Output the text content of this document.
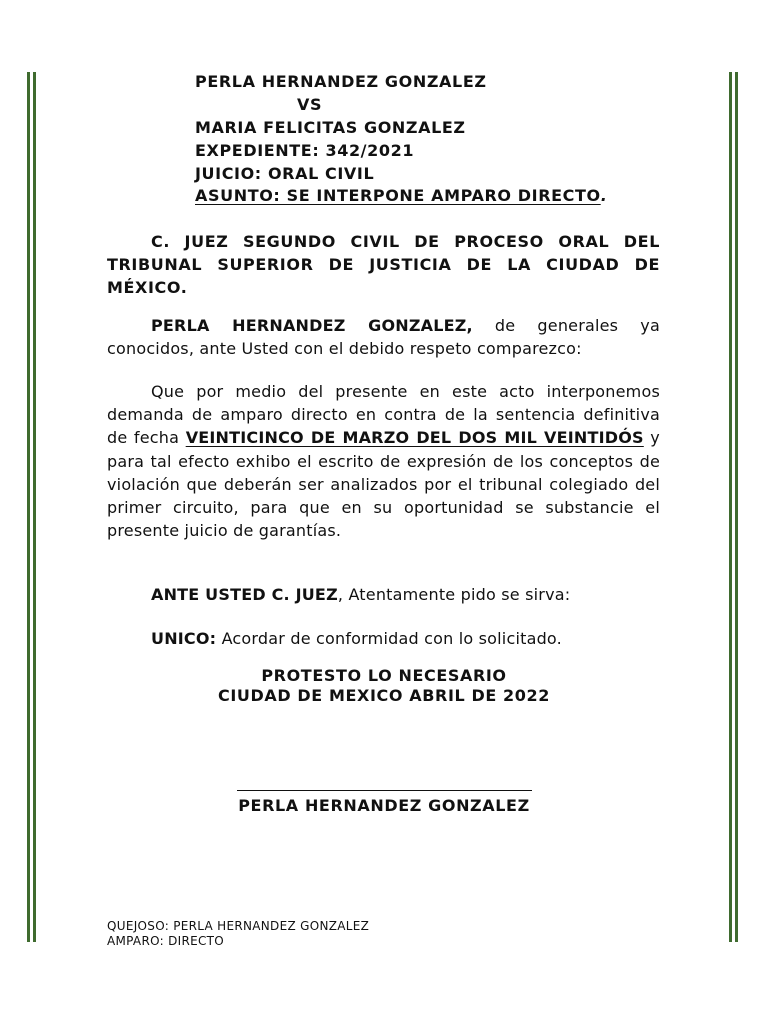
PERLA HERNANDEZ GONZALEZ
VS
MARIA FELICITAS GONZALEZ
EXPEDIENTE: 342/2021
JUICIO: ORAL CIVIL
ASUNTO: SE INTERPONE AMPARO DIRECTO.
C. JUEZ SEGUNDO CIVIL DE PROCESO ORAL DEL TRIBUNAL SUPERIOR DE JUSTICIA DE LA CIUDAD DE MÉXICO.
PERLA HERNANDEZ GONZALEZ, de generales ya conocidos, ante Usted con el debido respeto comparezco:
Que por medio del presente en este acto interponemos demanda de amparo directo en contra de la sentencia definitiva de fecha VEINTICINCO DE MARZO DEL DOS MIL VEINTIDÓS y para tal efecto exhibo el escrito de expresión de los conceptos de violación que deberán ser analizados por el tribunal colegiado del primer circuito, para que en su oportunidad se substancie el presente juicio de garantías.
ANTE USTED C. JUEZ, Atentamente pido se sirva:
UNICO: Acordar de conformidad con lo solicitado.
PROTESTO LO NECESARIO
CIUDAD DE MEXICO ABRIL DE 2022
PERLA HERNANDEZ GONZALEZ
QUEJOSO: PERLA HERNANDEZ GONZALEZ
AMPARO: DIRECTO
